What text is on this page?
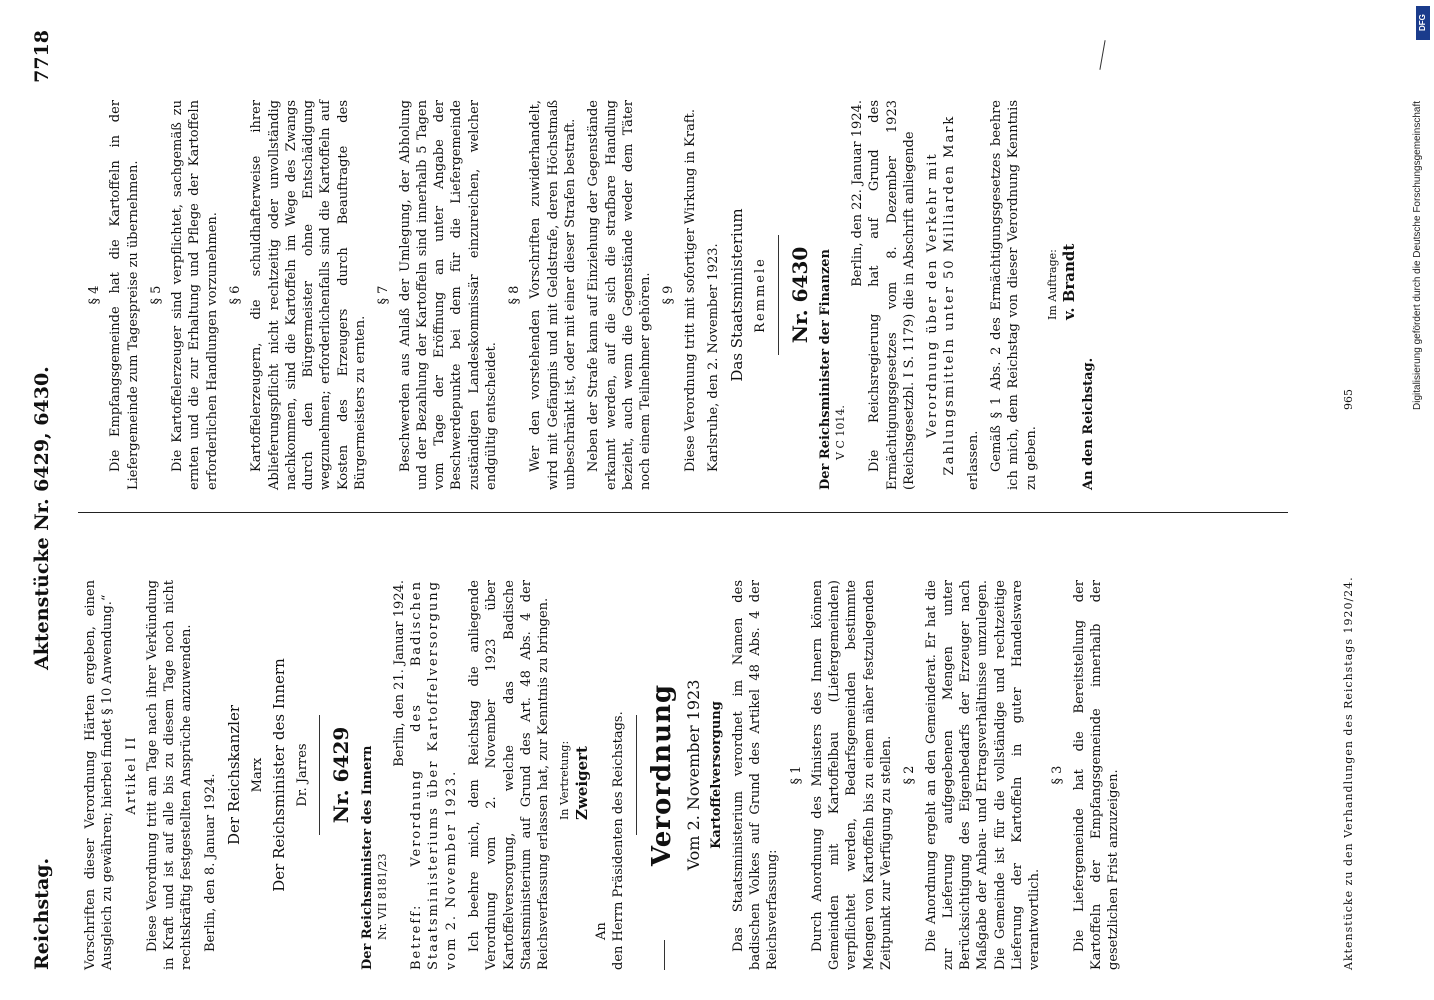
Reichstag.
Aktenstücke Nr. 6429, 6430.
7718

Vorschriften dieser Verordnung Härten ergeben, einen Ausgleich zu gewähren; hierbei findet § 10 Anwendung.“ Artikel II Diese Verordnung tritt am Tage nach ihrer Verkündung in Kraft und ist auf alle bis zu diesem Tage noch nicht rechtskräftig festgestellten Ansprüche anzuwenden. Berlin, den 8. Januar 1924. Der Reichskanzler Marx Der Reichsminister des Innern Dr. Jarres Nr. 6429 Der Reichsminister des Innern Nr. VII 8181/23
Berlin, den 21. Januar 1924. Betreff: Verordnung des Badischen Staatsministeriums über Kartoffelversorgung vom 2. November 1923. Ich beehre mich, dem Reichstag die anliegende Verordnung vom 2. November 1923 über Kartoffelversorgung, welche das Badische Staatsministerium auf Grund des Art. 48 Abs. 4 der Reichsverfassung erlassen hat, zur Kenntnis zu bringen. In Vertretung: Zweigert
An den Herrn Präsidenten des Reichstags. Verordnung Vom 2. November 1923 Kartoffelversorgung Das Staatsministerium verordnet im Namen des badischen Volkes auf Grund des Artikel 48 Abs. 4 der Reichsverfassung:

§ 1 Durch Anordnung des Ministers des Innern können Gemeinden mit Kartoffelbau (Liefergemeinden) verpflichtet werden, Bedarfsgemeinden bestimmte Mengen von Kartoffeln bis zu einem näher festzulegenden Zeitpunkt zur Verfügung zu stellen. § 2 Die Anordnung ergeht an den Gemeinderat. Er hat die zur Lieferung aufgegebenen Mengen unter Berücksichtigung des Eigenbedarfs der Erzeuger nach Maßgabe der Anbau- und Ertragsverhältnisse umzulegen. Die Gemeinde ist für die vollständige und rechtzeitige Lieferung der Kartoffeln in guter Handelsware verantwortlich.

§ 3 Die Liefergemeinde hat die Bereitstellung der Kartoffeln der Empfangsgemeinde innerhalb der gesetzlichen Frist anzuzeigen.

§ 4 Die Empfangsgemeinde hat die Kartoffeln in der Liefergemeinde zum Tagespreise zu übernehmen. § 5 Die Kartoffelerzeuger sind verpflichtet, sachgemäß zu ernten und die zur Erhaltung und Pflege der Kartoffeln erforderlichen Handlungen vorzunehmen. § 6 Kartoffelerzeugern, die schuldhafterweise ihrer Ablieferungspflicht nicht rechtzeitig oder unvollständig nachkommen, sind die Kartoffeln im Wege des Zwangs durch den Bürgermeister ohne Entschädigung wegzunehmen; erforderlichenfalls sind die Kartoffeln auf Kosten des Erzeugers durch Beauftragte des Bürgermeisters zu ernten.

§ 7 Beschwerden aus Anlaß der Umlegung, der Abholung und der Bezahlung der Kartoffeln sind innerhalb 5 Tagen vom Tage der Eröffnung an unter Angabe der Beschwerdepunkte bei dem für die Liefergemeinde zuständigen Landeskommissär einzureichen, welcher endgültig entscheidet.

§ 8 Wer den vorstehenden Vorschriften zuwiderhandelt, wird mit Gefängnis und mit Geldstrafe, deren Höchstmaß unbeschränkt ist, oder mit einer dieser Strafen bestraft. Neben der Strafe kann auf Einziehung der Gegenstände erkannt werden, auf die sich die strafbare Handlung bezieht, auch wenn die Gegenstände weder dem Täter noch einem Teilnehmer gehören. § 9 Diese Verordnung tritt mit sofortiger Wirkung in Kraft. Karlsruhe, den 2. November 1923. Das Staatsministerium Remmele Nr. 6430 Der Reichsminister der Finanzen V C 1014.
Berlin, den 22. Januar 1924. Die Reichsregierung hat auf Grund des Ermächtigungsgesetzes vom 8. Dezember 1923 (Reichsgesetzbl. I S. 1179) die in Abschrift anliegende Verordnung über den Verkehr mit Zahlungsmitteln unter 50 Milliarden Mark erlassen. Gemäß § 1 Abs. 2 des Ermächtigungsgesetzes beehre ich mich, dem Reichstag von dieser Verordnung Kenntnis zu geben.

Im Auftrage: v. Brandt
An den Reichstag.
Aktenstücke zu den Verhandlungen des Reichstags 1920/24.
965
DFG
Digitalisierung gefördert durch die Deutsche Forschungsgemeinschaft
